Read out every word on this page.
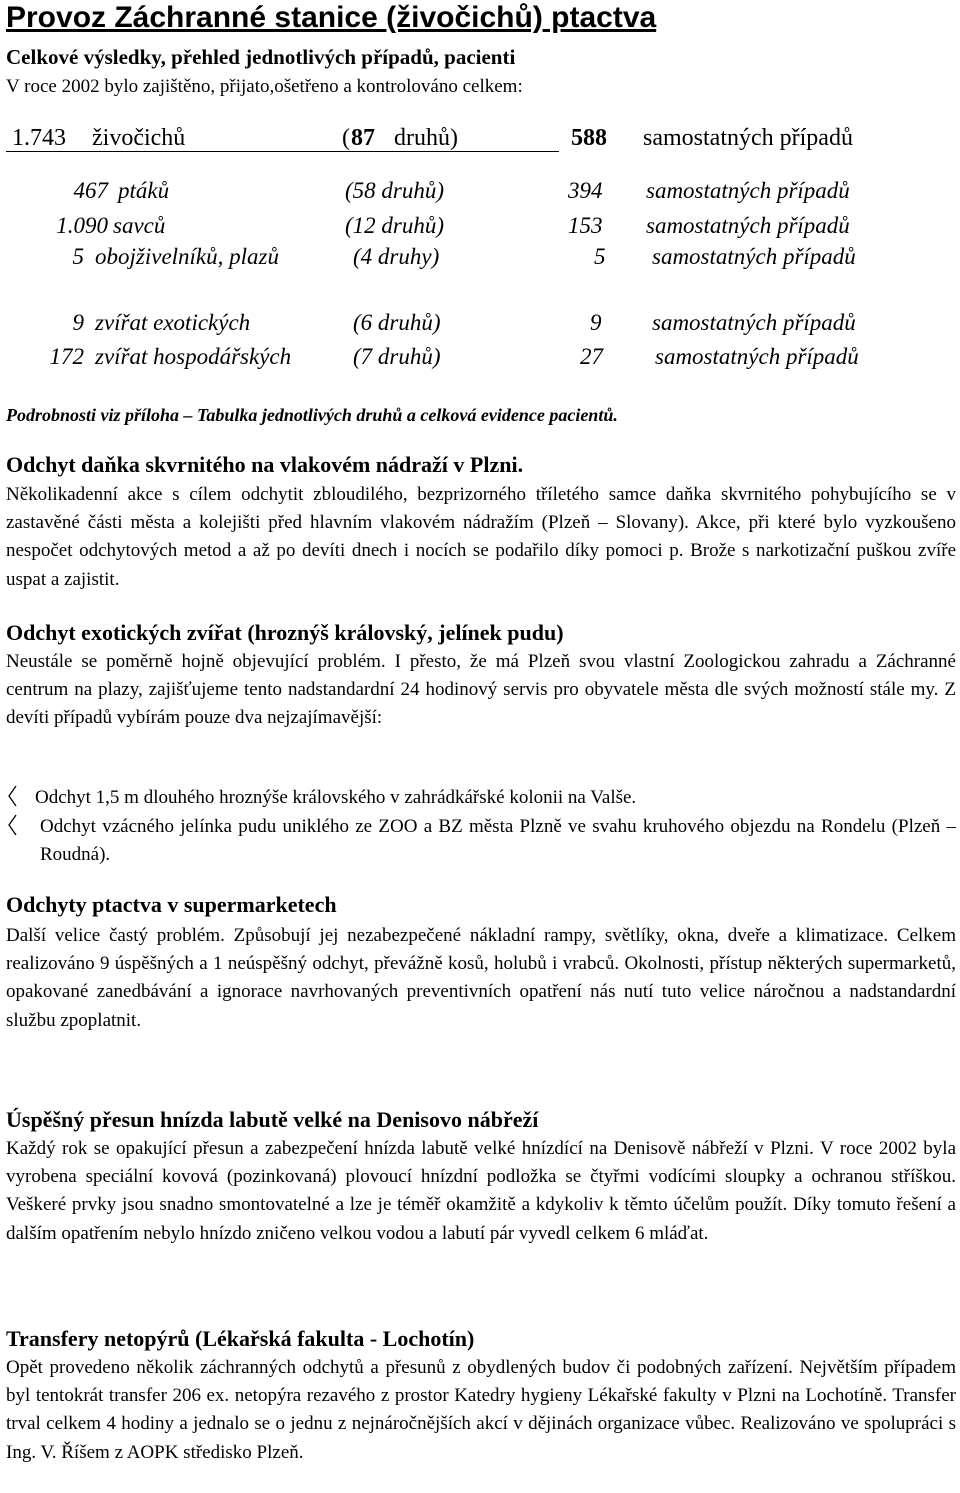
Provoz Záchranné stanice (živočichů) ptactva
Celkové výsledky, přehled jednotlivých případů, pacienti
V roce 2002 bylo zajištěno, přijato,ošetřeno a kontrolováno celkem:
1.743 živočichů	( 87 druhů)	588 samostatných případů
467 ptáků	(58 druhů)	394 samostatných případů
1.090 savců	(12 druhů)	153 samostatných případů
5 obojživelníků, plazů	(4 druhy)	5 samostatných případů
9 zvířat exotických	(6 druhů)	9 samostatných případů
172 zvířat hospodářských	(7 druhů)	27 samostatných případů
Podrobnosti viz příloha – Tabulka jednotlivých druhů a celková evidence pacientů.
Odchyt daňka skvrnitého na vlakovém nádraží v Plzni.

Několikadenní akce s cílem odchytit zbloudilého, bezprizorného tříletého samce daňka skvrnitého pohybujícího se v zastavěné části města a kolejišti před hlavním vlakovém nádražím (Plzeň – Slovany). Akce, při které bylo vyzkoušeno nespočet odchytových metod a až po devíti dnech i nocích se podařilo díky pomoci p. Brože s narkotizační puškou zvíře uspat a zajistit.

Odchyt exotických zvířat (hroznýš královský, jelínek pudu)

Neustále se poměrně hojně objevující problém. I přesto, že má Plzeň svou vlastní Zoologickou zahradu a Záchranné centrum na plazy, zajišťujeme tento nadstandardní 24 hodinový servis pro obyvatele města dle svých možností stále my. Z devíti případů vybírám pouze dva nejzajímavější:

Odchyt 1,5 m dlouhého hroznýše královského v zahrádkářské kolonii na Valše.

Odchyt vzácného jelínka pudu uniklého ze ZOO a BZ města Plzně ve svahu kruhového objezdu na Rondelu (Plzeň – Roudná).

Odchyty ptactva v supermarketech

Další velice častý problém. Způsobují jej nezabezpečené nákladní rampy, světlíky, okna, dveře a klimatizace. Celkem realizováno 9 úspěšných a 1 neúspěšný odchyt, převážně kosů, holubů i vrabců. Okolnosti, přístup některých supermarketů, opakované zanedbávání a ignorace navrhovaných preventivních opatření nás nutí tuto velice náročnou a nadstandardní službu zpoplatnit.

Úspěšný přesun hnízda labutě velké na Denisovo nábřeží

Každý rok se opakující přesun a zabezpečení hnízda labutě velké hnízdící na Denisově nábřeží v Plzni. V roce 2002 byla vyrobena speciální kovová (pozinkovaná) plovoucí hnízdní podložka se čtyřmi vodícími sloupky a ochranou stříškou. Veškeré prvky jsou snadno smontovatelné a lze je téměř okamžitě a kdykoliv k těmto účelům použít. Díky tomuto řešení a dalším opatřením nebylo hnízdo zničeno velkou vodou a labutí pár vyvedl celkem 6 mláďat.

Transfery netopýrů (Lékařská fakulta - Lochotín)

Opět provedeno několik záchranných odchytů a přesunů z obydlených budov či podobných zařízení. Největším případem byl tentokrát transfer 206 ex. netopýra rezavého z prostor Katedry hygieny Lékařské fakulty v Plzni na Lochotíně. Transfer trval celkem 4 hodiny a jednalo se o jednu z nejnáročnějších akcí v dějinách organizace vůbec. Realizováno ve spolupráci s Ing. V. Říšem z AOPK středisko Plzeň.
